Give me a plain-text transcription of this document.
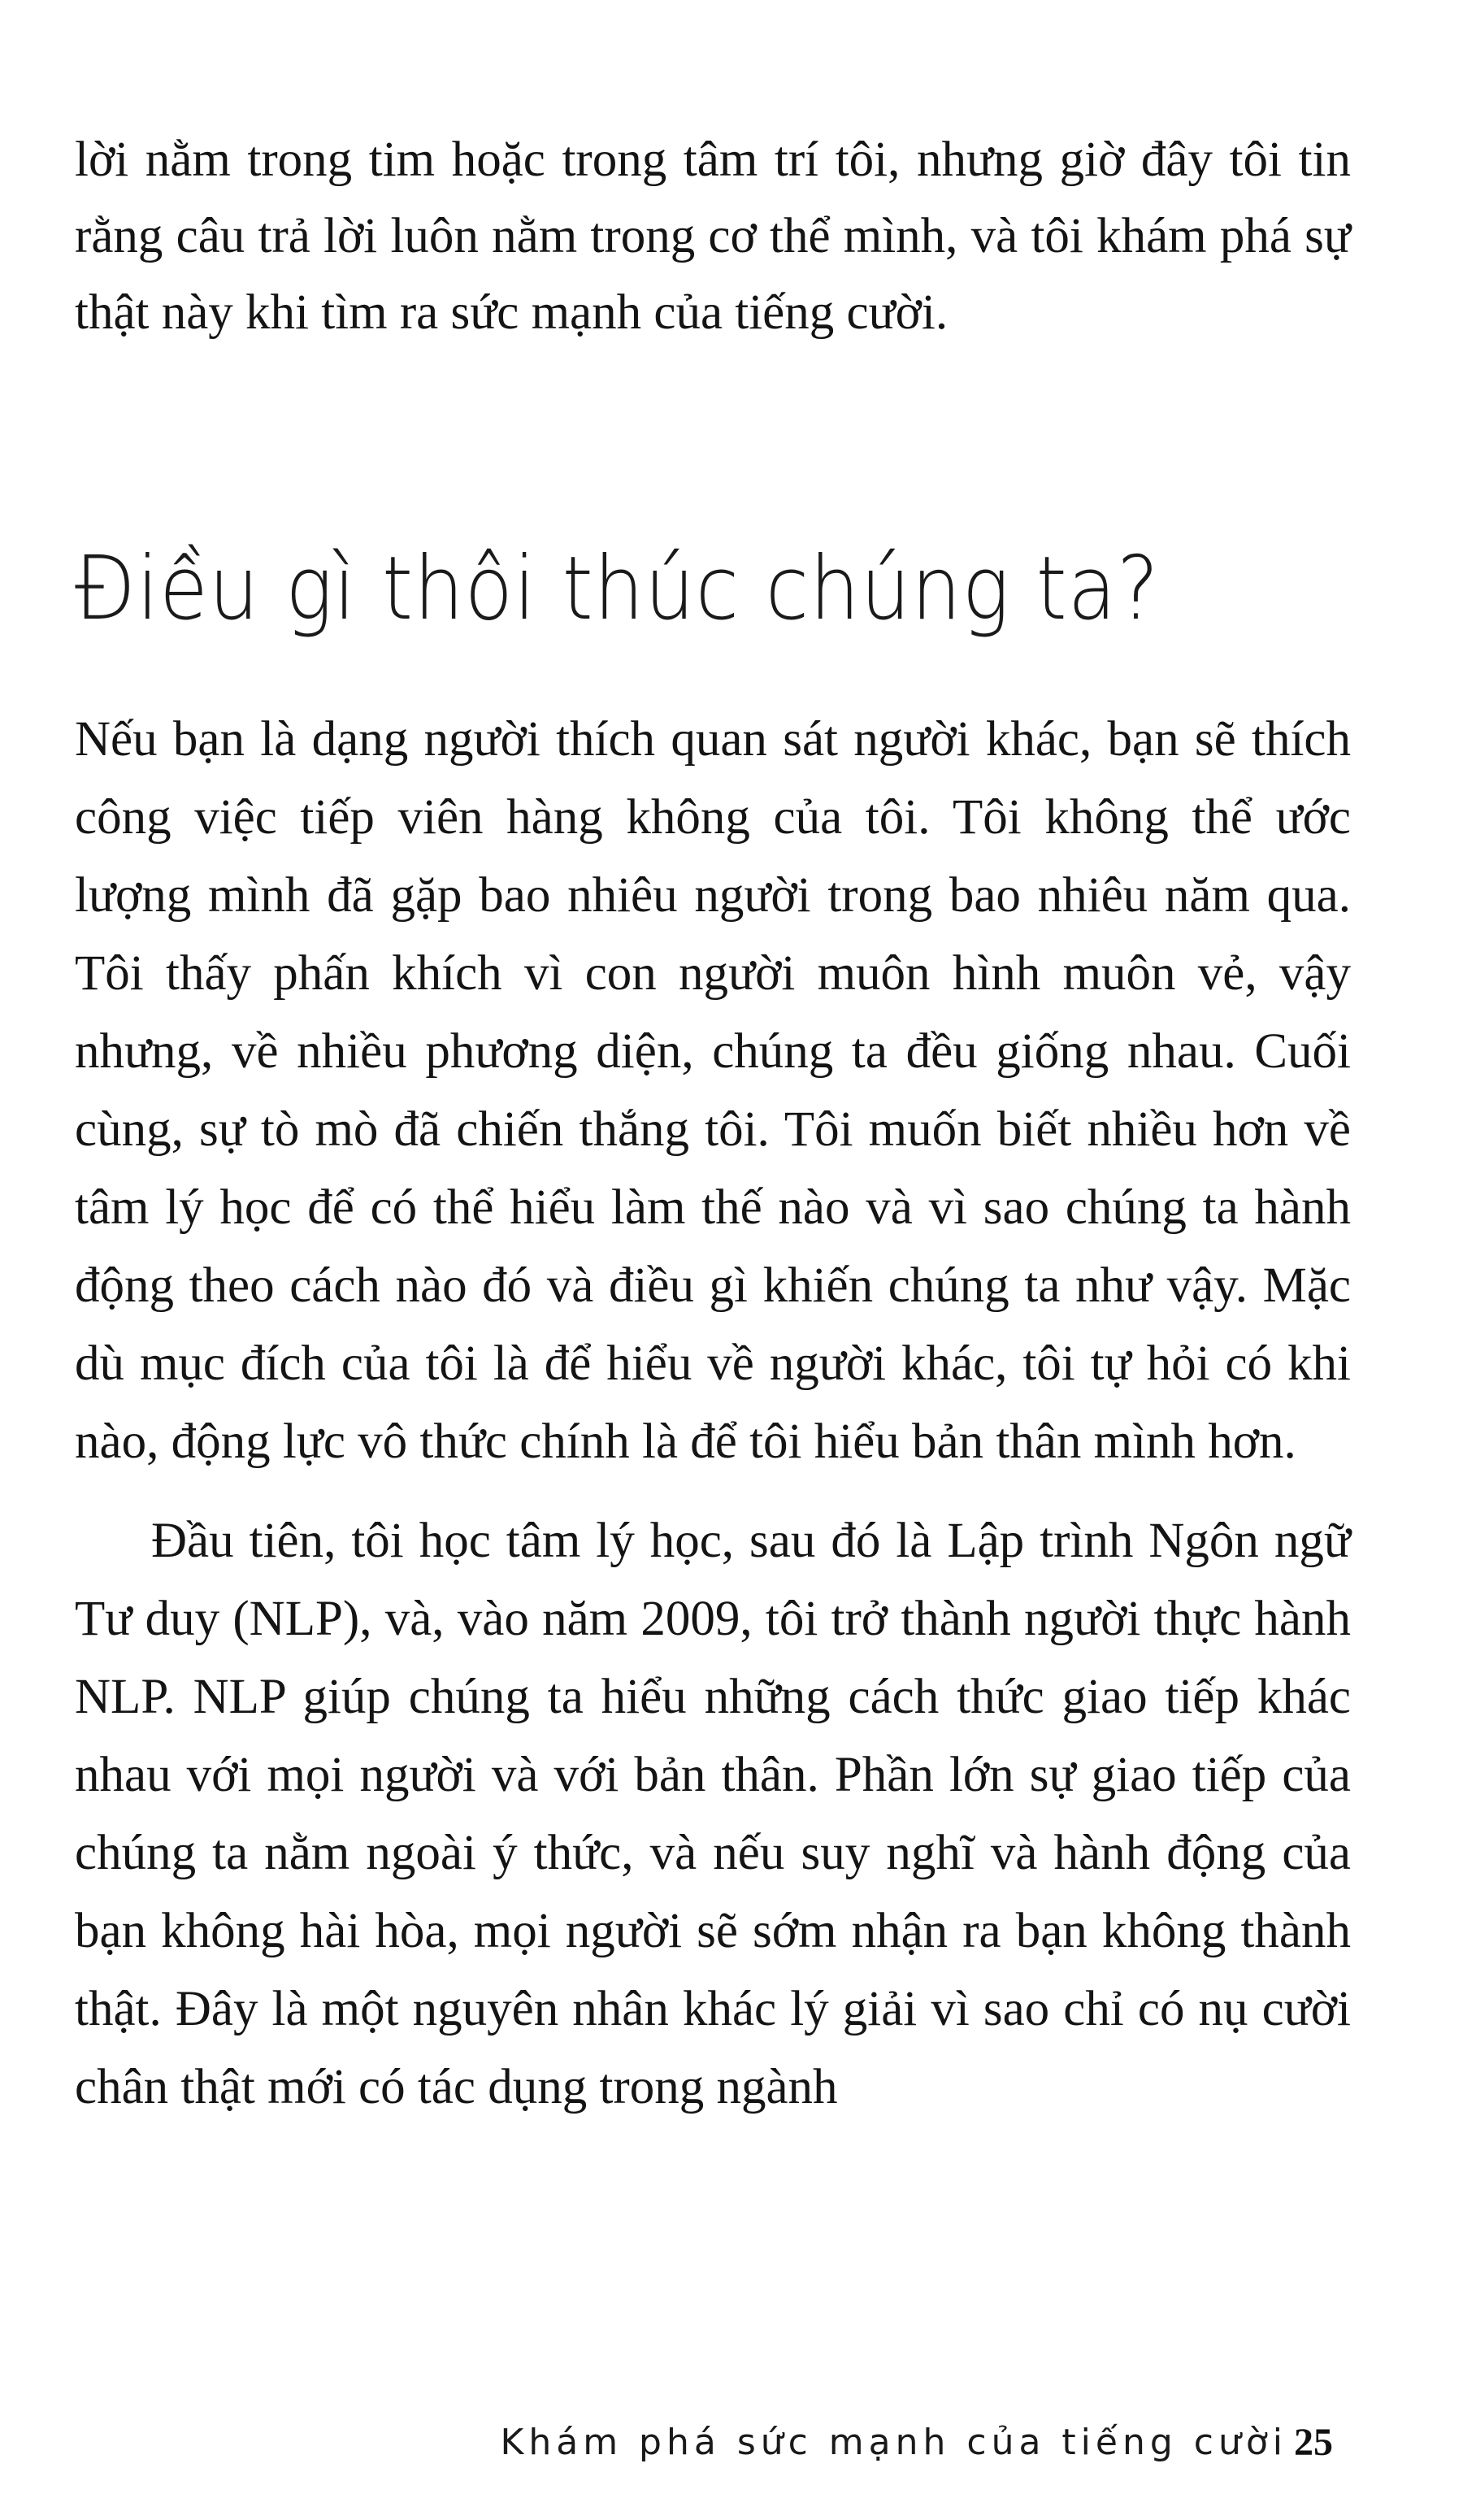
lời nằm trong tim hoặc trong tâm trí tôi, nhưng giờ đây tôi tin rằng câu trả lời luôn nằm trong cơ thể mình, và tôi khám phá sự thật này khi tìm ra sức mạnh của tiếng cười.

Điều gì thôi thúc chúng ta?

Nếu bạn là dạng người thích quan sát người khác, bạn sẽ thích công việc tiếp viên hàng không của tôi. Tôi không thể ước lượng mình đã gặp bao nhiêu người trong bao nhiêu năm qua. Tôi thấy phấn khích vì con người muôn hình muôn vẻ, vậy nhưng, về nhiều phương diện, chúng ta đều giống nhau. Cuối cùng, sự tò mò đã chiến thắng tôi. Tôi muốn biết nhiều hơn về tâm lý học để có thể hiểu làm thế nào và vì sao chúng ta hành động theo cách nào đó và điều gì khiến chúng ta như vậy. Mặc dù mục đích của tôi là để hiểu về người khác, tôi tự hỏi có khi nào, động lực vô thức chính là để tôi hiểu bản thân mình hơn.

Đầu tiên, tôi học tâm lý học, sau đó là Lập trình Ngôn ngữ Tư duy (NLP), và, vào năm 2009, tôi trở thành người thực hành NLP. NLP giúp chúng ta hiểu những cách thức giao tiếp khác nhau với mọi người và với bản thân. Phần lớn sự giao tiếp của chúng ta nằm ngoài ý thức, và nếu suy nghĩ và hành động của bạn không hài hòa, mọi người sẽ sớm nhận ra bạn không thành thật. Đây là một nguyên nhân khác lý giải vì sao chỉ có nụ cười chân thật mới có tác dụng trong ngành

Khám phá sức mạnh của tiếng cười 25
